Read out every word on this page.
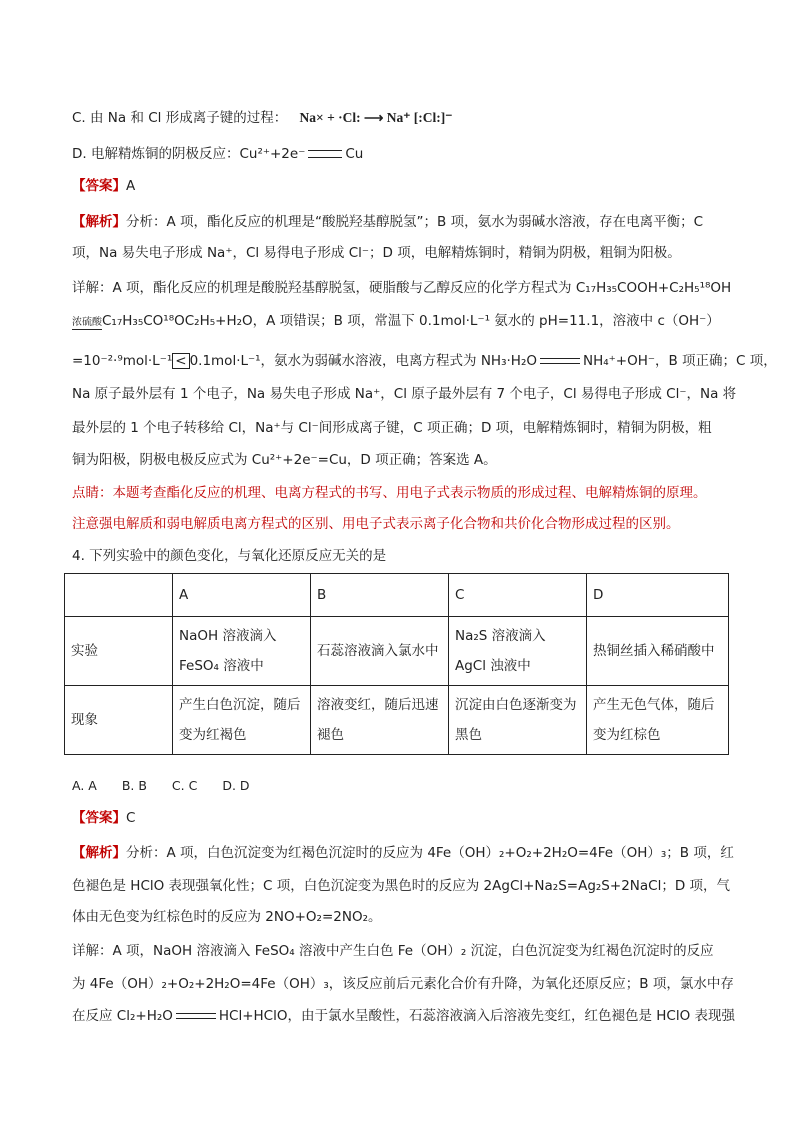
C. 由 Na 和 Cl 形成离子键的过程： Na× + ·Cl: ⟶ Na⁺ [:Cl:]⁻
D. 电解精炼铜的阴极反应：Cu²⁺+2e⁻	Cu
【答案】A
【解析】分析：A 项，酯化反应的机理是“酸脱羟基醇脱氢”；B 项，氨水为弱碱水溶液，存在电离平衡；C
项，Na 易失电子形成 Na⁺，Cl 易得电子形成 Cl⁻；D 项，电解精炼铜时，精铜为阴极，粗铜为阳极。
详解：A 项，酯化反应的机理是酸脱羟基醇脱氢，硬脂酸与乙醇反应的化学方程式为 C₁₇H₃₅COOH+C₂H₅¹⁸OH
浓硫酸C₁₇H₃₅CO¹⁸OC₂H₅+H₂O，A 项错误；B 项，常温下 0.1mol·L⁻¹ 氨水的 pH=11.1，溶液中 c（OH⁻）
=10⁻²·⁹mol·L⁻¹ < 0.1mol·L⁻¹，氨水为弱碱水溶液，电离方程式为 NH₃·H₂O	NH₄⁺+OH⁻，B 项正确；C 项，
Na 原子最外层有 1 个电子，Na 易失电子形成 Na⁺，Cl 原子最外层有 7 个电子，Cl 易得电子形成 Cl⁻，Na 将
最外层的 1 个电子转移给 Cl，Na⁺与 Cl⁻间形成离子键，C 项正确；D 项，电解精炼铜时，精铜为阴极，粗
铜为阳极，阴极电极反应式为 Cu²⁺+2e⁻=Cu，D 项正确；答案选 A。
点睛：本题考查酯化反应的机理、电离方程式的书写、用电子式表示物质的形成过程、电解精炼铜的原理。
注意强电解质和弱电解质电离方程式的区别、用电子式表示离子化合物和共价化合物形成过程的区别。
4. 下列实验中的颜色变化，与氧化还原反应无关的是
	A	B	C	D
实验	NaOH 溶液滴入 FeSO₄ 溶液中	石蕊溶液滴入氯水中	Na₂S 溶液滴入 AgCl 浊液中	热铜丝插入稀硝酸中
现象	产生白色沉淀，随后变为红褐色	溶液变红，随后迅速褪色	沉淀由白色逐渐变为黑色	产生无色气体，随后变为红棕色
A. A　　B. B　　C. C　　D. D
【答案】C
【解析】分析：A 项，白色沉淀变为红褐色沉淀时的反应为 4Fe（OH）₂+O₂+2H₂O=4Fe（OH）₃；B 项，红
色褪色是 HClO 表现强氧化性；C 项，白色沉淀变为黑色时的反应为 2AgCl+Na₂S=Ag₂S+2NaCl；D 项，气
体由无色变为红棕色时的反应为 2NO+O₂=2NO₂。
详解：A 项，NaOH 溶液滴入 FeSO₄ 溶液中产生白色 Fe（OH）₂ 沉淀，白色沉淀变为红褐色沉淀时的反应
为 4Fe（OH）₂+O₂+2H₂O=4Fe（OH）₃，该反应前后元素化合价有升降，为氧化还原反应；B 项，氯水中存
在反应 Cl₂+H₂O	HCl+HClO，由于氯水呈酸性，石蕊溶液滴入后溶液先变红，红色褪色是 HClO 表现强
